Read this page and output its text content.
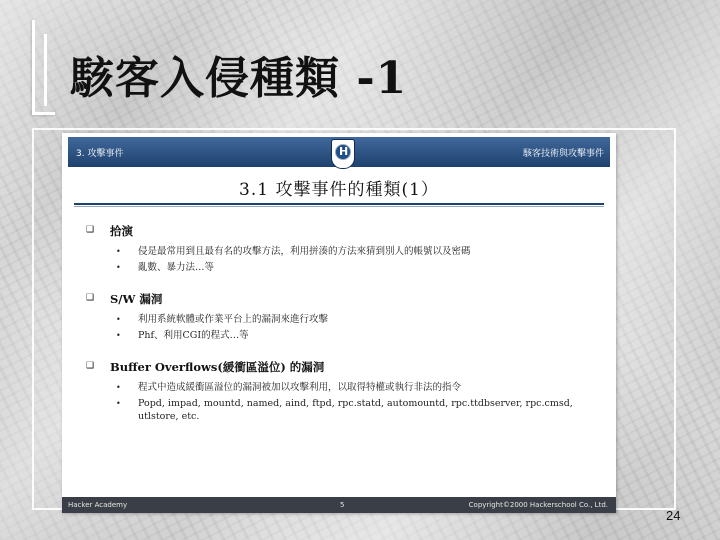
駭客入侵種類 -1
3. 攻擊事件	H	駭客技術與攻擊事件
3.1 攻擊事件的種類(1）
❑ 拾演
• 侵是最常用到且最有名的攻擊方法，利用拼湊的方法來猜到別人的帳號以及密碼
• 亂數、暴力法…等
❑ S/W 漏洞
• 利用系統軟體或作業平台上的漏洞來進行攻擊
• Phf、利用CGI的程式…等
❑ Buffer Overflows(緩衝區溢位) 的漏洞
• 程式中造成緩衝區溢位的漏洞被加以攻擊利用，以取得特權或執行非法的指令
• Popd, impad, mountd, named, aind, ftpd, rpc.statd, automountd, rpc.ttdbserver, rpc.cmsd, utlstore, etc.
Hacker Academy	5	Copyright©2000 Hackerschool Co., Ltd.
24
